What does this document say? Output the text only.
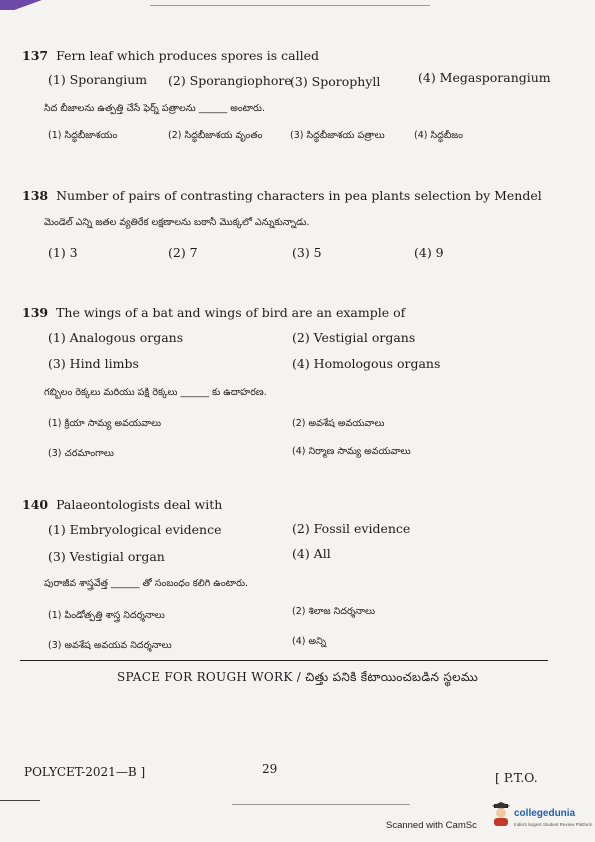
137 Fern leaf which produces spores is called
(1) Sporangium (2) Sporangiophore
(3) Sporophyll	(4) Megasporangium
సిద బీజాలను ఉత్పత్తి చేసే ఫెర్న్ పత్రాలను ______ అంటారు.
(1) సిద్ధబీజాశయం	(2) సిద్ధబీజాశయ వృంతం	(3) సిద్ధబీజాశయ పత్రాలు	(4) సిద్ధబీజం
138 Number of pairs of contrasting characters in pea plants selection by Mendel
మెండెల్ ఎన్ని జతల వ్యతిరేక లక్షణాలను బఠానీ మొక్కలో ఎన్నుకున్నాడు.
(1) 3	(2) 7	(3) 5	(4) 9
139 The wings of a bat and wings of bird are an example of
(1) Analogous organs	(2) Vestigial organs
(3) Hind limbs	(4) Homologous organs
గబ్బిలం రెక్కలు మరియు పక్షి రెక్కలు ______ కు ఉదాహరణ.
(1) క్రియా సామ్య అవయవాలు	(2) అవశేష అవయవాలు
(3) చరమాంగాలు	(4) నిర్మాణ సామ్య అవయవాలు
140 Palaeontologists deal with
(1) Embryological evidence	(2) Fossil evidence
(3) Vestigial organ	(4) All
పురాజీవ శాస్త్రవేత్త ______ తో సంబంధం కలిగి ఉంటారు.
(1) పిండోత్పత్తి శాస్త్ర నిదర్శనాలు	(2) శిలాజ నిదర్శనాలు
(3) అవశేష అవయవ నిదర్శనాలు	(4) అన్ని
SPACE FOR ROUGH WORK / చిత్తు పనికి కేటాయించబడిన స్థలము
POLYCET-2021—B ]	29
[ P.T.O.
Scanned with CamSc
collegedunia
India's largest Student Review Platform
